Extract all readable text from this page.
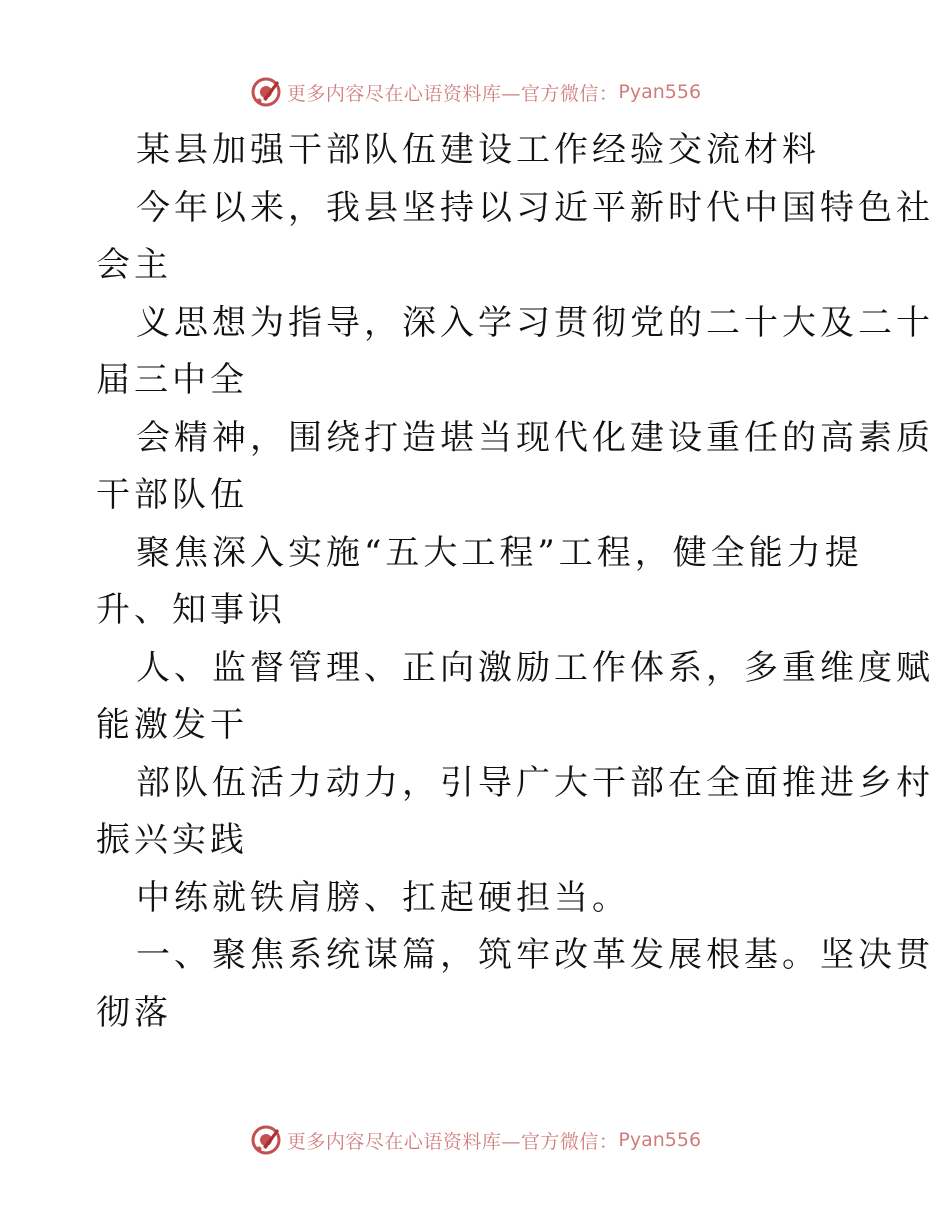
更多内容尽在心语资料库—官方微信： Pyan556
某县加强干部队伍建设工作经验交流材料
今年以来，我县坚持以习近平新时代中国特色社
会主
义思想为指导，深入学习贯彻党的二十大及二十
届三中全
会精神，围绕打造堪当现代化建设重任的高素质
干部队伍
聚焦深入实施“五大工程”工程，健全能力提
升、知事识
人、监督管理、正向激励工作体系，多重维度赋
能激发干
部队伍活力动力，引导广大干部在全面推进乡村
振兴实践
中练就铁肩膀、扛起硬担当。
一、聚焦系统谋篇，筑牢改革发展根基。坚决贯
彻落
更多内容尽在心语资料库—官方微信： Pyan556
